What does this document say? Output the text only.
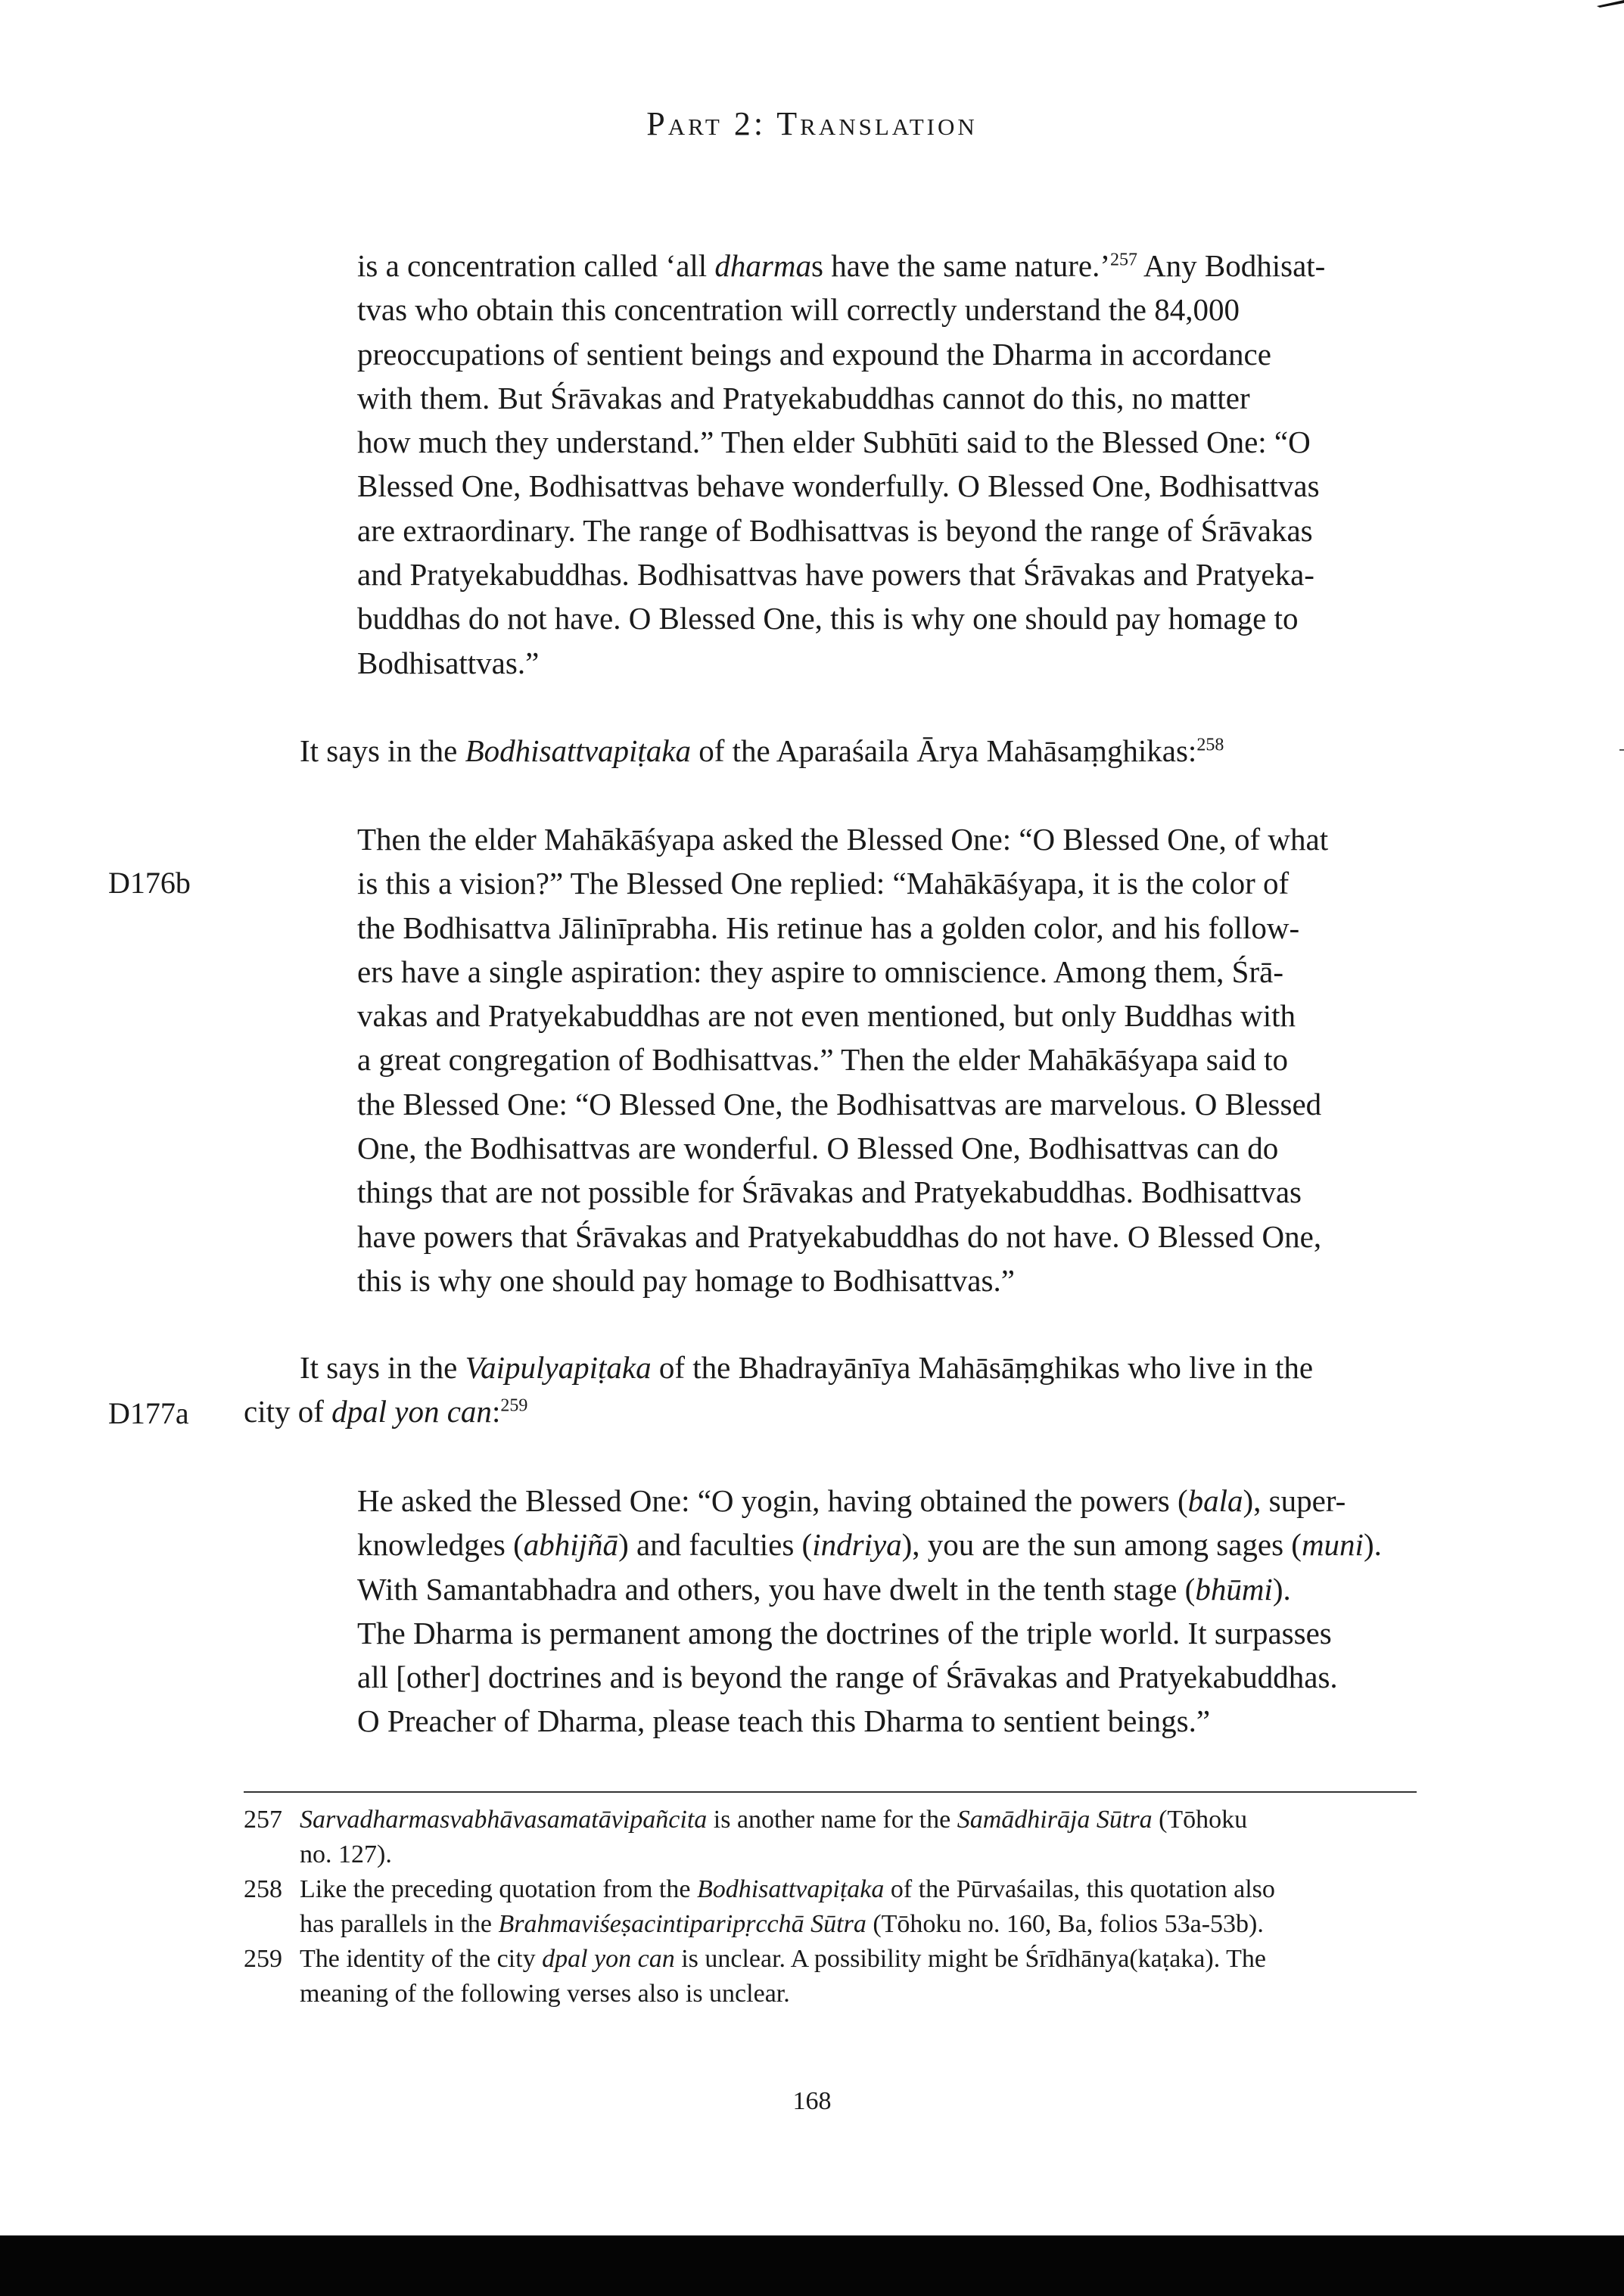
Part 2: Translation

is a concentration called ‘all dharmas have the same nature.’$^{257}$ Any Bodhisat-

tvas who obtain this concentration will correctly understand the 84,000

preoccupations of sentient beings and expound the Dharma in accordance

with them. But Śrāvakas and Pratyekabuddhas cannot do this, no matter

how much they understand.” Then elder Subhūti said to the Blessed One: “O

Blessed One, Bodhisattvas behave wonderfully. O Blessed One, Bodhisattvas

are extraordinary. The range of Bodhisattvas is beyond the range of Śrāvakas

and Pratyekabuddhas. Bodhisattvas have powers that Śrāvakas and Pratyeka-

buddhas do not have. O Blessed One, this is why one should pay homage to

Bodhisattvas.”

It says in the Bodhisattvapiṭaka of the Aparaśaila Ārya Mahāsaṃghikas:$^{258}$
D176b

Then the elder Mahākāśyapa asked the Blessed One: “O Blessed One, of what

is this a vision?” The Blessed One replied: “Mahākāśyapa, it is the color of

the Bodhisattva Jālinīprabha. His retinue has a golden color, and his follow-

ers have a single aspiration: they aspire to omniscience. Among them, Śrā-

vakas and Pratyekabuddhas are not even mentioned, but only Buddhas with

a great congregation of Bodhisattvas.” Then the elder Mahākāśyapa said to

the Blessed One: “O Blessed One, the Bodhisattvas are marvelous. O Blessed

One, the Bodhisattvas are wonderful. O Blessed One, Bodhisattvas can do

things that are not possible for Śrāvakas and Pratyekabuddhas. Bodhisattvas

have powers that Śrāvakas and Pratyekabuddhas do not have. O Blessed One,

this is why one should pay homage to Bodhisattvas.”

It says in the Vaipulyapiṭaka of the Bhadrayānīya Mahāsāṃghikas who live in the
city of dpal yon can:$^{259}$
D177a

He asked the Blessed One: “O yogin, having obtained the powers (bala), super-

knowledges (abhijñā) and faculties (indriya), you are the sun among sages (muni).

With Samantabhadra and others, you have dwelt in the tenth stage (bhūmi).

The Dharma is permanent among the doctrines of the triple world. It surpasses

all [other] doctrines and is beyond the range of Śrāvakas and Pratyekabuddhas.

O Preacher of Dharma, please teach this Dharma to sentient beings.”

257 Sarvadharmasvabhāvasamatāvipañcita is another name for the Samādhirāja Sūtra (Tōhoku
no. 127).
258 Like the preceding quotation from the Bodhisattvapiṭaka of the Pūrvaśailas, this quotation also
has parallels in the Brahmaviśeṣacintiparipṛcchā Sūtra (Tōhoku no. 160, Ba, folios 53a-53b).
259 The identity of the city dpal yon can is unclear. A possibility might be Śrīdhānya(kaṭaka). The
meaning of the following verses also is unclear.
168
